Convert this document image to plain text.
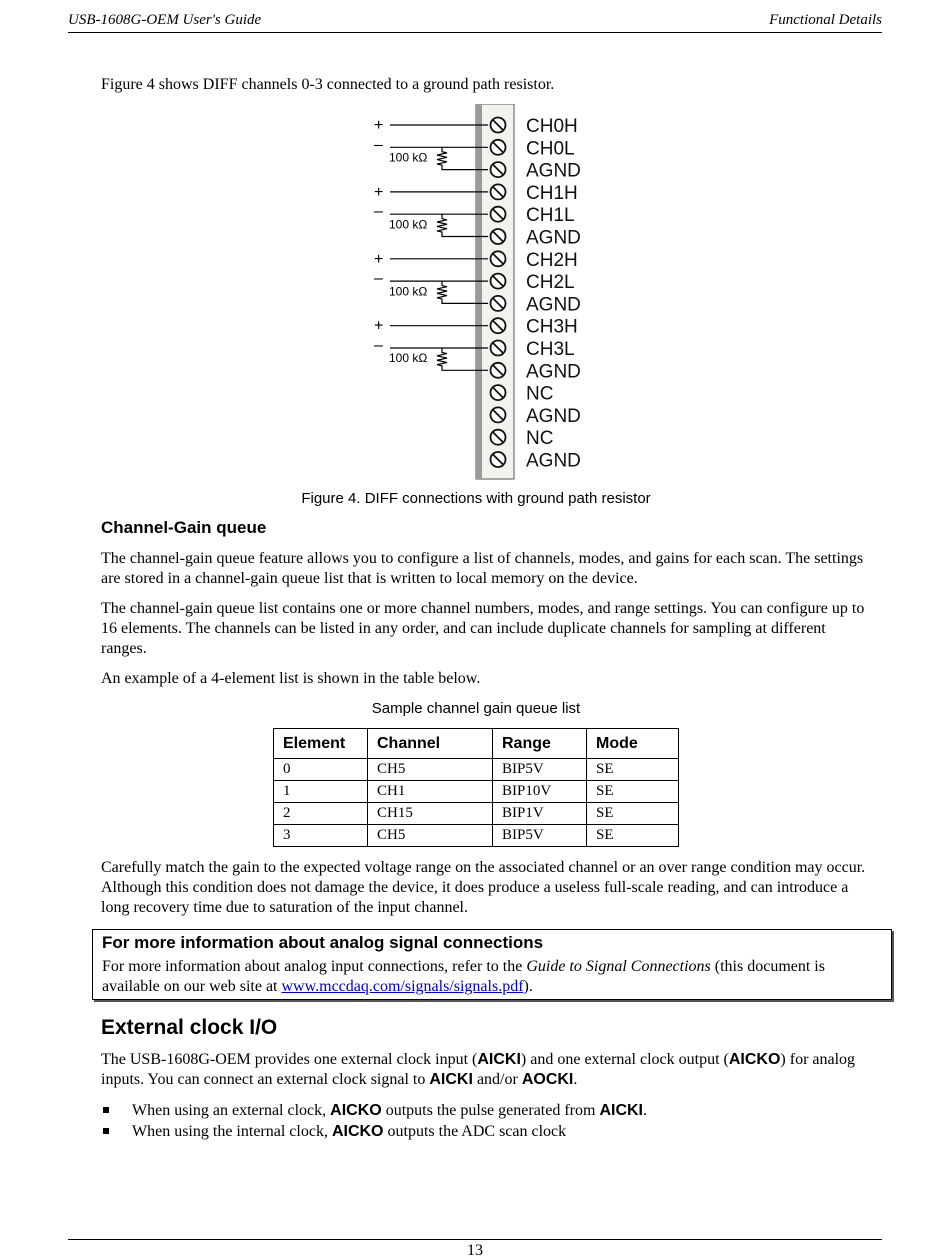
USB-1608G-OEM User's Guide	Functional Details

Figure 4 shows DIFF channels 0-3 connected to a ground path resistor.

CH0H
CH0L
AGND
CH1H
CH1L
AGND
CH2H
CH2L
AGND
CH3H
CH3L
AGND
NC
AGND
NC
AGND
+
–
100 kΩ
+
–
100 kΩ
+
–
100 kΩ
+
–
100 kΩ
Figure 4. DIFF connections with ground path resistor
Channel-Gain queue

The channel-gain queue feature allows you to configure a list of channels, modes, and gains for each scan. The settings are stored in a channel-gain queue list that is written to local memory on the device.

The channel-gain queue list contains one or more channel numbers, modes, and range settings. You can configure up to 16 elements. The channels can be listed in any order, and can include duplicate channels for sampling at different ranges.

An example of a 4-element list is shown in the table below.

Sample channel gain queue list
Element	Channel	Range	Mode
0	CH5	BIP5V	SE
1	CH1	BIP10V	SE
2	CH15	BIP1V	SE
3	CH5	BIP5V	SE

Carefully match the gain to the expected voltage range on the associated channel or an over range condition may occur. Although this condition does not damage the device, it does produce a useless full-scale reading, and can introduce a long recovery time due to saturation of the input channel.

For more information about analog signal connections

For more information about analog input connections, refer to the Guide to Signal Connections (this document is available on our web site at www.mccdaq.com/signals/signals.pdf).

External clock I/O

The USB-1608G-OEM provides one external clock input (AICKI) and one external clock output (AICKO) for analog inputs. You can connect an external clock signal to AICKI and/or AOCKI.

When using an external clock, AICKO outputs the pulse generated from AICKI.
When using the internal clock, AICKO outputs the ADC scan clock
13
